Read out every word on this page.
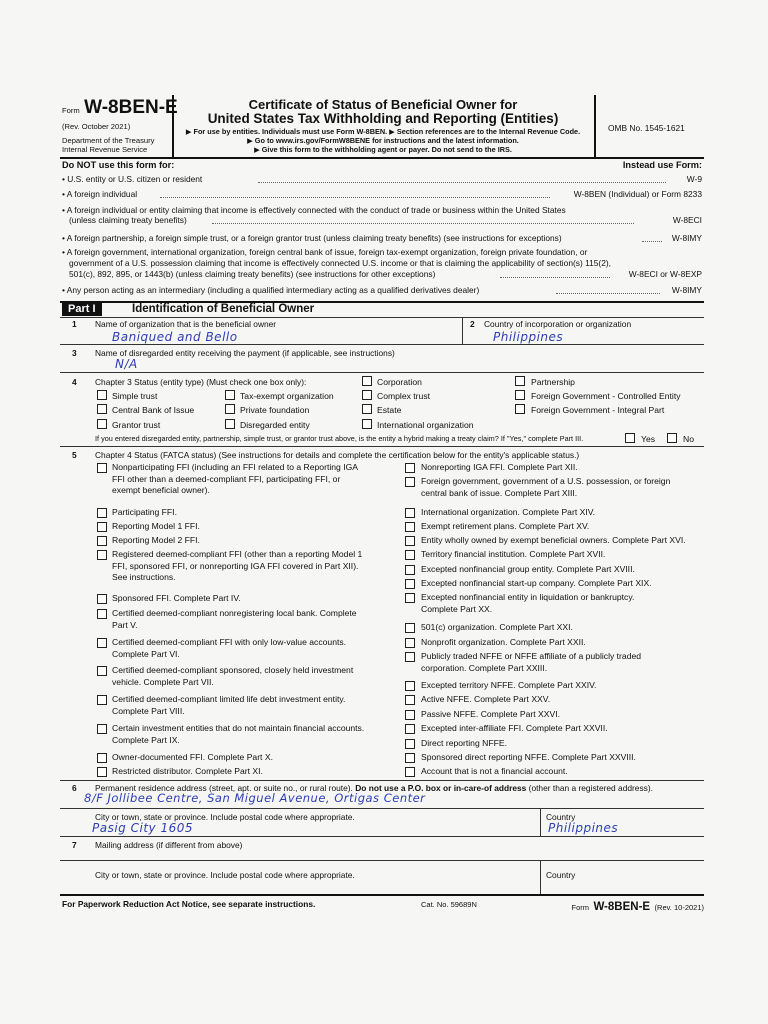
Form W-8BEN-E
(Rev. October 2021)
Department of the Treasury
Internal Revenue Service
Certificate of Status of Beneficial Owner for
United States Tax Withholding and Reporting (Entities)
▶ For use by entities. Individuals must use Form W-8BEN. ▶ Section references are to the Internal Revenue Code.
▶ Go to www.irs.gov/FormW8BENE for instructions and the latest information.
▶ Give this form to the withholding agent or payer. Do not send to the IRS.
OMB No. 1545-1621
Do NOT use this form for:	Instead use Form:
• U.S. entity or U.S. citizen or resident	W-9
• A foreign individual	W-8BEN (Individual) or Form 8233
• A foreign individual or entity claiming that income is effectively connected with the conduct of trade or business within the United States
(unless claiming treaty benefits)	W-8ECI
• A foreign partnership, a foreign simple trust, or a foreign grantor trust (unless claiming treaty benefits) (see instructions for exceptions)	W-8IMY
• A foreign government, international organization, foreign central bank of issue, foreign tax-exempt organization, foreign private foundation, or
government of a U.S. possession claiming that income is effectively connected U.S. income or that is claiming the applicability of section(s) 115(2),
501(c), 892, 895, or 1443(b) (unless claiming treaty benefits) (see instructions for other exceptions)	W-8ECI or W-8EXP
• Any person acting as an intermediary (including a qualified intermediary acting as a qualified derivatives dealer)	W-8IMY
Part I	Identification of Beneficial Owner
1 Name of organization that is the beneficial owner
Baniqued and Bello
2 Country of incorporation or organization
Philippines
3 Name of disregarded entity receiving the payment (if applicable, see instructions)
N/A
4 Chapter 3 Status (entity type) (Must check one box only):	Corporation	Partnership
Simple trust	Tax-exempt organization	Complex trust	Foreign Government - Controlled Entity
Central Bank of Issue	Private foundation	Estate	Foreign Government - Integral Part
Grantor trust	Disregarded entity	International organization
If you entered disregarded entity, partnership, simple trust, or grantor trust above, is the entity a hybrid making a treaty claim? If "Yes," complete Part III.	Yes	No
5 Chapter 4 Status (FATCA status) (See instructions for details and complete the certification below for the entity's applicable status.)
Nonparticipating FFI (including an FFI related to a Reporting IGA
FFI other than a deemed-compliant FFI, participating FFI, or
exempt beneficial owner).
Participating FFI.
Reporting Model 1 FFI.
Reporting Model 2 FFI.
Registered deemed-compliant FFI (other than a reporting Model 1
FFI, sponsored FFI, or nonreporting IGA FFI covered in Part XII).
See instructions.
Sponsored FFI. Complete Part IV.
Certified deemed-compliant nonregistering local bank. Complete
Part V.
Certified deemed-compliant FFI with only low-value accounts.
Complete Part VI.
Certified deemed-compliant sponsored, closely held investment
vehicle. Complete Part VII.
Certified deemed-compliant limited life debt investment entity.
Complete Part VIII.
Certain investment entities that do not maintain financial accounts.
Complete Part IX.
Owner-documented FFI. Complete Part X.
Restricted distributor. Complete Part XI.
Nonreporting IGA FFI. Complete Part XII.
Foreign government, government of a U.S. possession, or foreign
central bank of issue. Complete Part XIII.
International organization. Complete Part XIV.
Exempt retirement plans. Complete Part XV.
Entity wholly owned by exempt beneficial owners. Complete Part XVI.
Territory financial institution. Complete Part XVII.
Excepted nonfinancial group entity. Complete Part XVIII.
Excepted nonfinancial start-up company. Complete Part XIX.
Excepted nonfinancial entity in liquidation or bankruptcy.
Complete Part XX.
501(c) organization. Complete Part XXI.
Nonprofit organization. Complete Part XXII.
Publicly traded NFFE or NFFE affiliate of a publicly traded
corporation. Complete Part XXIII.
Excepted territory NFFE. Complete Part XXIV.
Active NFFE. Complete Part XXV.
Passive NFFE. Complete Part XXVI.
Excepted inter-affiliate FFI. Complete Part XXVII.
Direct reporting NFFE.
Sponsored direct reporting NFFE. Complete Part XXVIII.
Account that is not a financial account.
6 Permanent residence address (street, apt. or suite no., or rural route). Do not use a P.O. box or in-care-of address (other than a registered address).
8/F Jollibee Centre, San Miguel Avenue, Ortigas Center
City or town, state or province. Include postal code where appropriate.
Pasig City 1605
Country
Philippines
7 Mailing address (if different from above)
City or town, state or province. Include postal code where appropriate.	Country
For Paperwork Reduction Act Notice, see separate instructions.	Cat. No. 59689N	Form W-8BEN-E (Rev. 10-2021)
